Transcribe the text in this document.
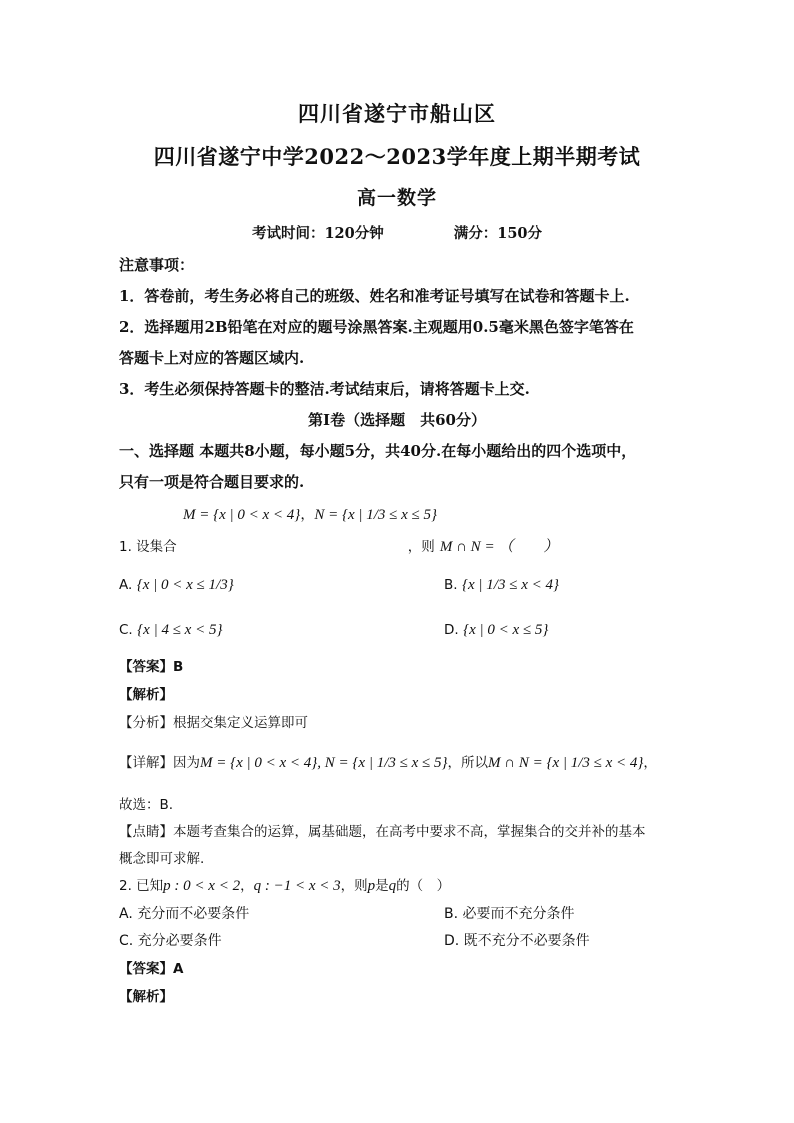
四川省遂宁市船山区
四川省遂宁中学2022～2023学年度上期半期考试
高一数学
考试时间：120分钟	满分：150分
注意事项：
1．答卷前，考生务必将自己的班级、姓名和准考证号填写在试卷和答题卡上.
2．选择题用2B铅笔在对应的题号涂黑答案.主观题用0.5毫米黑色签字笔答在
答题卡上对应的答题区域内.
3．考生必须保持答题卡的整洁.考试结束后，请将答题卡上交.
第Ⅰ卷（选择题　共60分）
一、选择题 本题共8小题，每小题5分，共40分.在每小题给出的四个选项中，
只有一项是符合题目要求的.
M = {x | 0 < x < 4}，N = {x | 1/3 ≤ x ≤ 5}
1. 设集合	，则 M ∩ N = （　　）
A. {x | 0 < x ≤ 1/3}	B. {x | 1/3 ≤ x < 4}
C. {x | 4 ≤ x < 5}	D. {x | 0 < x ≤ 5}
【答案】B
【解析】
【分析】根据交集定义运算即可
【详解】因为M = {x | 0 < x < 4}, N = {x | 1/3 ≤ x ≤ 5}，所以M ∩ N = {x | 1/3 ≤ x < 4}，
故选：B.
【点睛】本题考查集合的运算，属基础题，在高考中要求不高，掌握集合的交并补的基本
概念即可求解.
2. 已知p : 0 < x < 2，q : −1 < x < 3，则p是q的（　）
A. 充分而不必要条件	B. 必要而不充分条件
C. 充分必要条件	D. 既不充分不必要条件
【答案】A
【解析】
